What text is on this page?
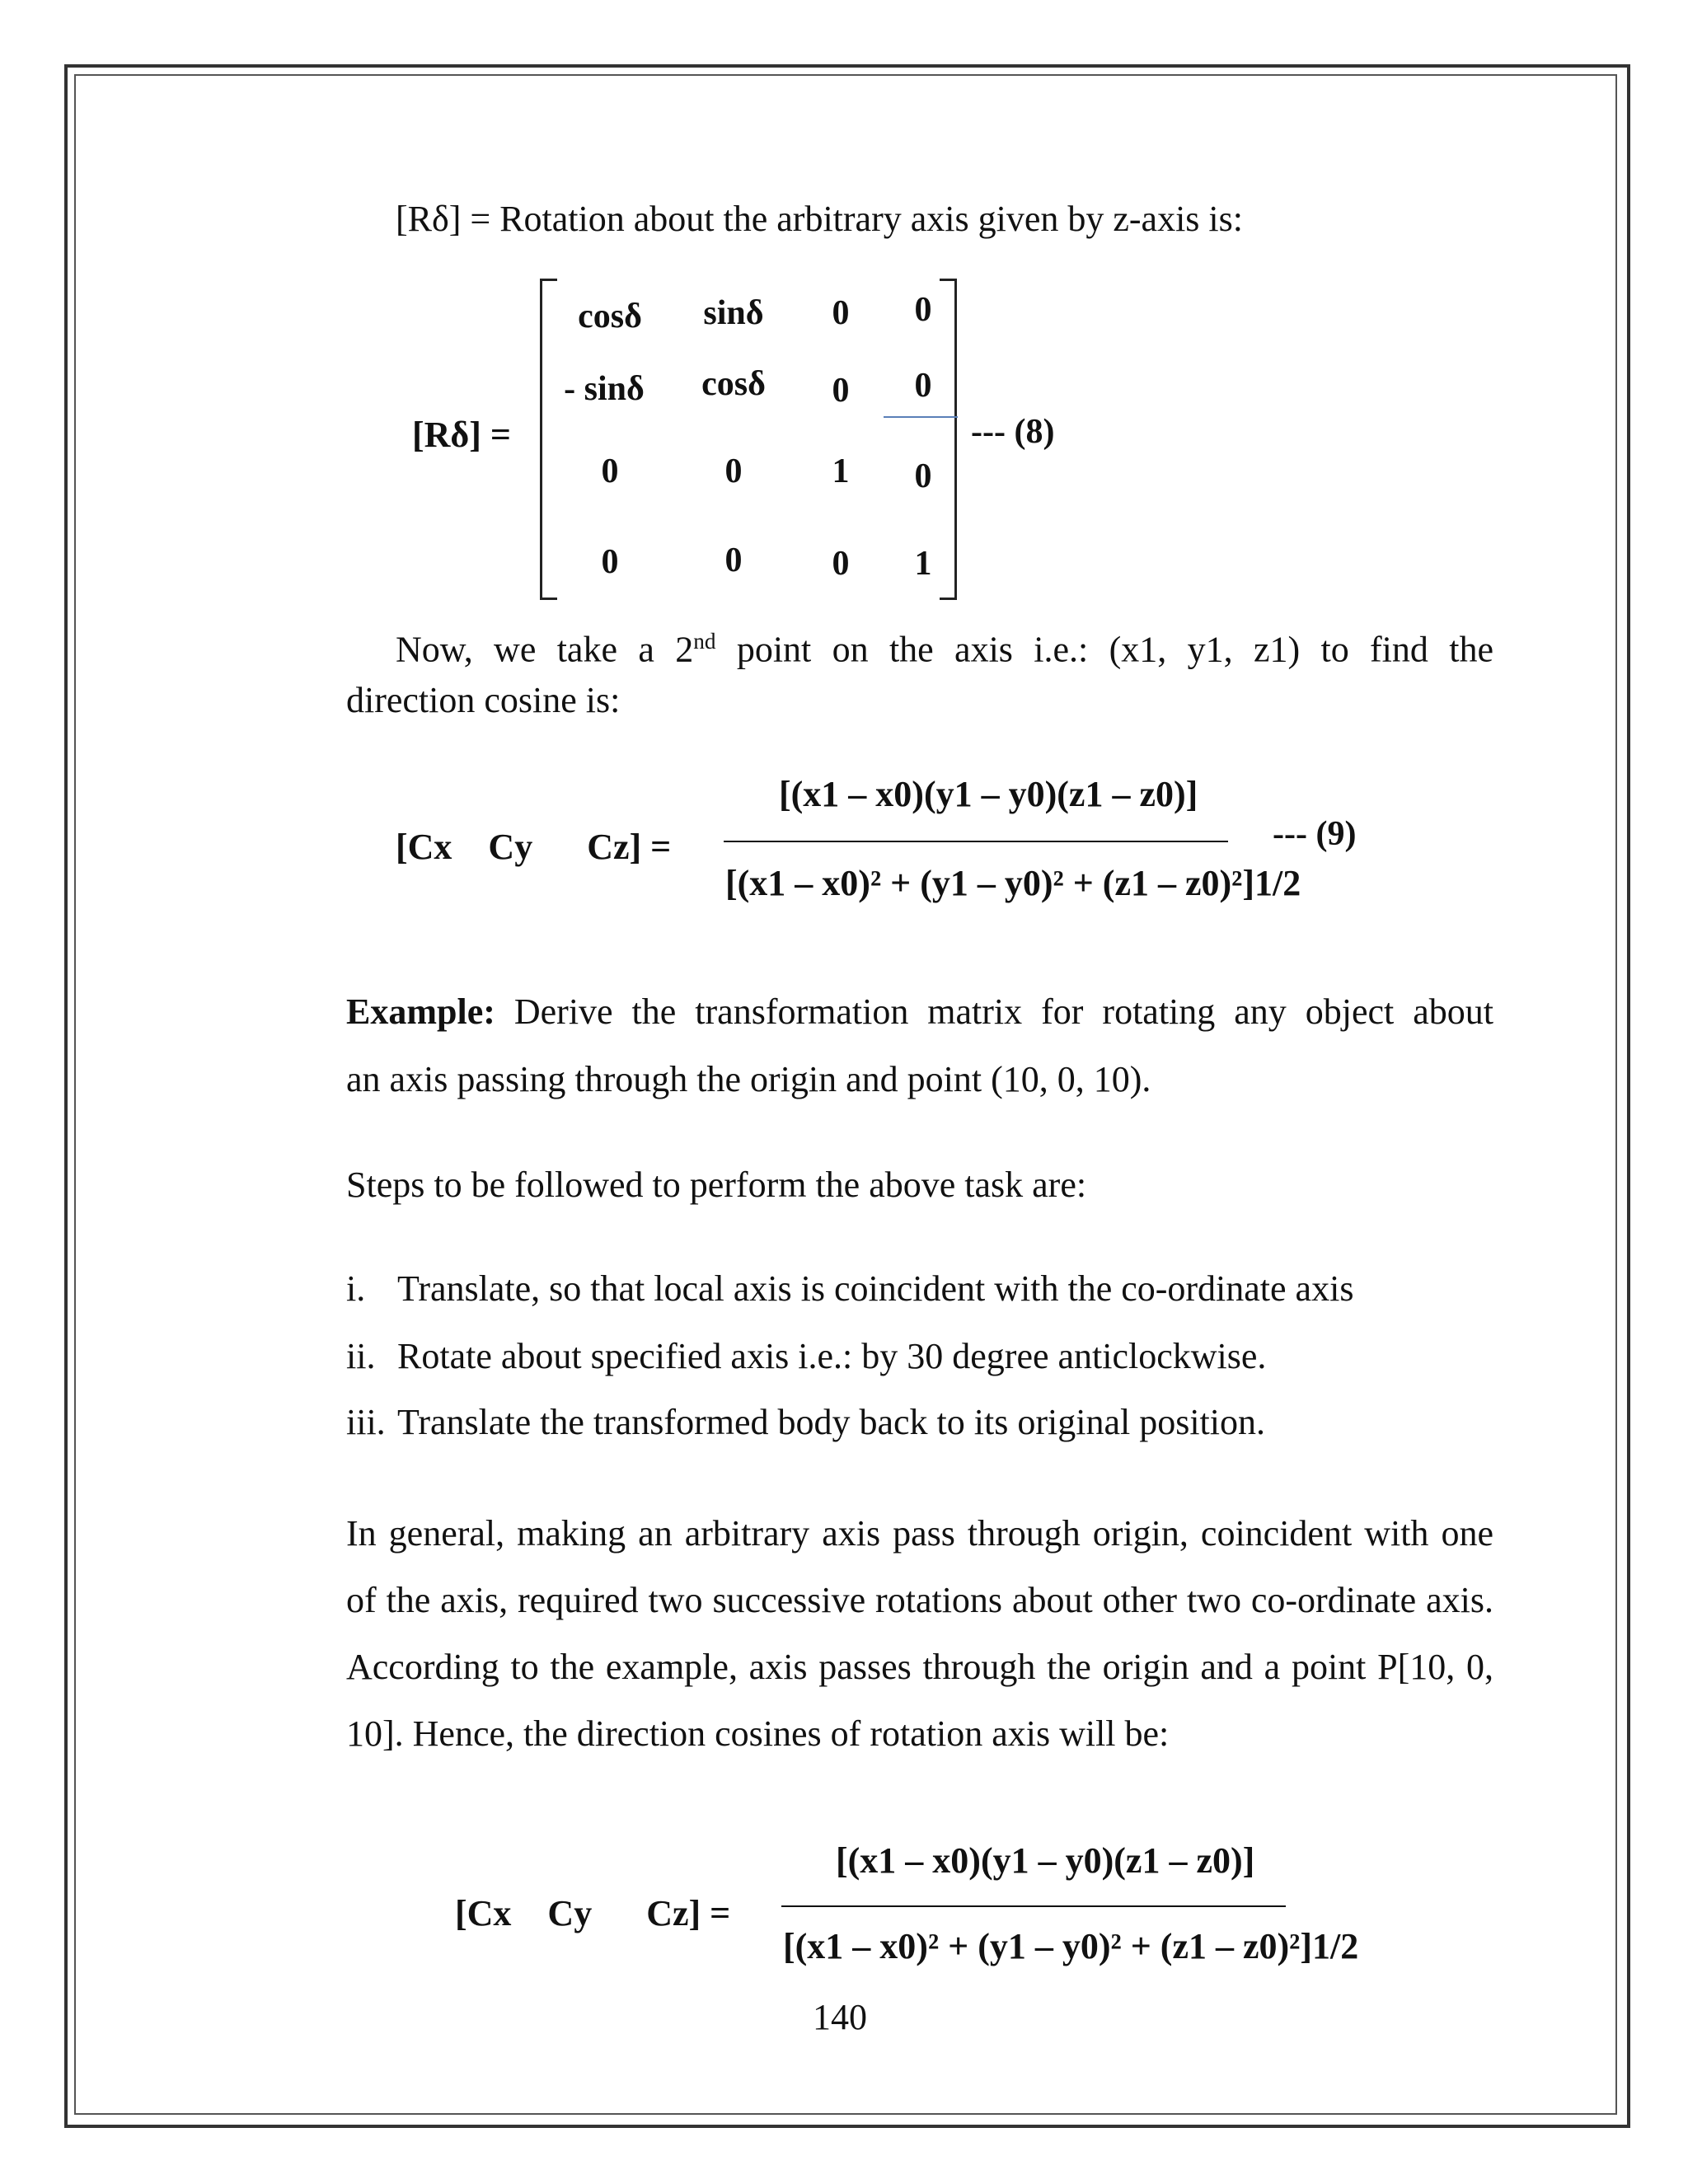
[Rδ] = Rotation about the arbitrary axis given by z-axis is:
[Rδ] =
cosδ	sinδ	0	0
- sinδ	cosδ	0	0
0	0	1	0
0	0	0	1
--- (8)
Now, we take a 2nd point on the axis i.e.: (x1, y1, z1) to find the
direction cosine is:
[Cx    Cy      Cz] =
[(x1 – x0)(y1 – y0)(z1 – z0)]
[(x1 – x0)² + (y1 – y0)² + (z1 – z0)²]1/2
--- (9)
Example: Derive the transformation matrix for rotating any object about
an axis passing through the origin and point (10, 0, 10).
Steps to be followed to perform the above task are:
i. Translate, so that local axis is coincident with the co-ordinate axis
ii. Rotate about specified axis i.e.: by 30 degree anticlockwise.
iii. Translate the transformed body back to its original position.
In general, making an arbitrary axis pass through origin, coincident with one of the axis, required two successive rotations about other two co-ordinate axis. According to the example, axis passes through the origin and a point P[10, 0, 10]. Hence, the direction cosines of rotation axis will be:
[Cx    Cy      Cz] =
[(x1 – x0)(y1 – y0)(z1 – z0)]
[(x1 – x0)² + (y1 – y0)² + (z1 – z0)²]1/2
140
